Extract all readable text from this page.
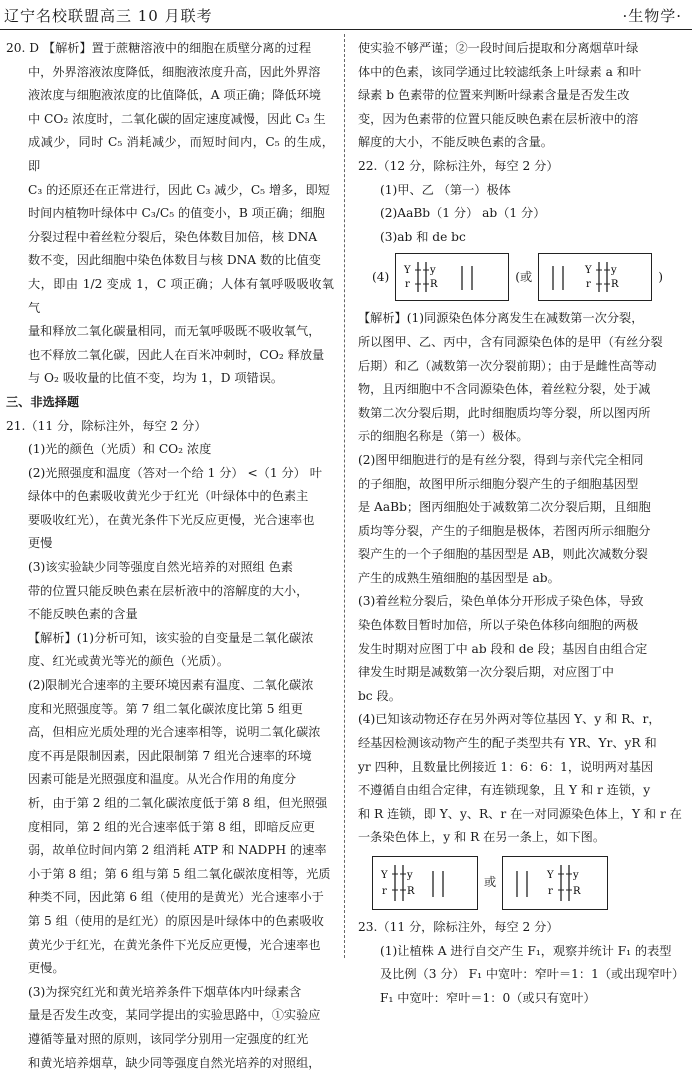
辽宁名校联盟高三 10 月联考	·生物学·

20. D 【解析】置于蔗糖溶液中的细胞在质壁分离的过程

中，外界溶液浓度降低，细胞液浓度升高，因此外界溶

液浓度与细胞液浓度的比值降低，A 项正确；降低环境

中 CO₂ 浓度时，二氧化碳的固定速度减慢，因此 C₃ 生

成减少，同时 C₅ 消耗减少，而短时间内，C₅ 的生成，即

C₃ 的还原还在正常进行，因此 C₃ 减少，C₅ 增多，即短

时间内植物叶绿体中 C₃/C₅ 的值变小，B 项正确；细胞

分裂过程中着丝粒分裂后，染色体数目加倍，核 DNA

数不变，因此细胞中染色体数目与核 DNA 数的比值变

大，即由 1/2 变成 1，C 项正确；人体有氧呼吸吸收氧气

量和释放二氧化碳量相同，而无氧呼吸既不吸收氧气，

也不释放二氧化碳，因此人在百米冲刺时，CO₂ 释放量

与 O₂ 吸收量的比值不变，均为 1，D 项错误。

三、非选择题

21.（11 分，除标注外，每空 2 分）

(1)光的颜色（光质）和 CO₂ 浓度

(2)光照强度和温度（答对一个给 1 分） <（1 分） 叶

绿体中的色素吸收黄光少于红光（叶绿体中的色素主

要吸收红光），在黄光条件下光反应更慢，光合速率也

更慢

(3)该实验缺少同等强度自然光培养的对照组 色素

带的位置只能反映色素在层析液中的溶解度的大小，

不能反映色素的含量

【解析】(1)分析可知，该实验的自变量是二氧化碳浓

度、红光或黄光等光的颜色（光质）。

(2)限制光合速率的主要环境因素有温度、二氧化碳浓

度和光照强度等。第 7 组二氧化碳浓度比第 5 组更

高，但相应光质处理的光合速率相等，说明二氧化碳浓

度不再是限制因素，因此限制第 7 组光合速率的环境

因素可能是光照强度和温度。从光合作用的角度分

析，由于第 2 组的二氧化碳浓度低于第 8 组，但光照强

度相同，第 2 组的光合速率低于第 8 组，即暗反应更

弱，故单位时间内第 2 组消耗 ATP 和 NADPH 的速率

小于第 8 组；第 6 组与第 5 组二氧化碳浓度相等，光质

种类不同，因此第 6 组（使用的是黄光）光合速率小于

第 5 组（使用的是红光）的原因是叶绿体中的色素吸收

黄光少于红光，在黄光条件下光反应更慢，光合速率也

更慢。

(3)为探究红光和黄光培养条件下烟草体内叶绿素含

量是否发生改变，某同学提出的实验思路中，①实验应

遵循等量对照的原则，该同学分别用一定强度的红光

和黄光培养烟草，缺少同等强度自然光培养的对照组，

使实验不够严谨；②一段时间后提取和分离烟草叶绿

体中的色素，该同学通过比较滤纸条上叶绿素 a 和叶

绿素 b 色素带的位置来判断叶绿素含量是否发生改

变，因为色素带的位置只能反映色素在层析液中的溶

解度的大小，不能反映色素的含量。

22.（12 分，除标注外，每空 2 分）

(1)甲、乙 （第一）极体

(2)AaBb（1 分） ab（1 分）

(3)ab 和 de bc

(4) Y y
r R
(或	Y y
r R
)

【解析】(1)同源染色体分离发生在减数第一次分裂，

所以图甲、乙、丙中，含有同源染色体的是甲（有丝分裂

后期）和乙（减数第一次分裂前期）；由于是雌性高等动

物，且丙细胞中不含同源染色体，着丝粒分裂，处于减

数第二次分裂后期，此时细胞质均等分裂，所以图丙所

示的细胞名称是（第一）极体。

(2)图甲细胞进行的是有丝分裂，得到与亲代完全相同

的子细胞，故图甲所示细胞分裂产生的子细胞基因型

是 AaBb；图丙细胞处于减数第二次分裂后期，且细胞

质均等分裂，产生的子细胞是极体，若图丙所示细胞分

裂产生的一个子细胞的基因型是 AB，则此次减数分裂

产生的成熟生殖细胞的基因型是 ab。

(3)着丝粒分裂后，染色单体分开形成子染色体，导致

染色体数目暂时加倍，所以子染色体移向细胞的两极

发生时期对应图丁中 ab 段和 de 段；基因自由组合定

律发生时期是减数第一次分裂后期，对应图丁中

bc 段。

(4)已知该动物还存在另外两对等位基因 Y、y 和 R、r，

经基因检测该动物产生的配子类型共有 YR、Yr、yR 和

yr 四种，且数量比例接近 1：6：6：1，说明两对基因

不遵循自由组合定律，有连锁现象，且 Y 和 r 连锁，y

和 R 连锁，即 Y、y、R、r 在一对同源染色体上，Y 和 r 在

一条染色体上，y 和 R 在另一条上，如下图。

Y y
r R
或	Y y
r R

23.（11 分，除标注外，每空 2 分）

(1)让植株 A 进行自交产生 F₁，观察并统计 F₁ 的表型

及比例（3 分） F₁ 中宽叶：窄叶＝1：1（或出现窄叶）

F₁ 中宽叶：窄叶＝1：0（或只有宽叶）
